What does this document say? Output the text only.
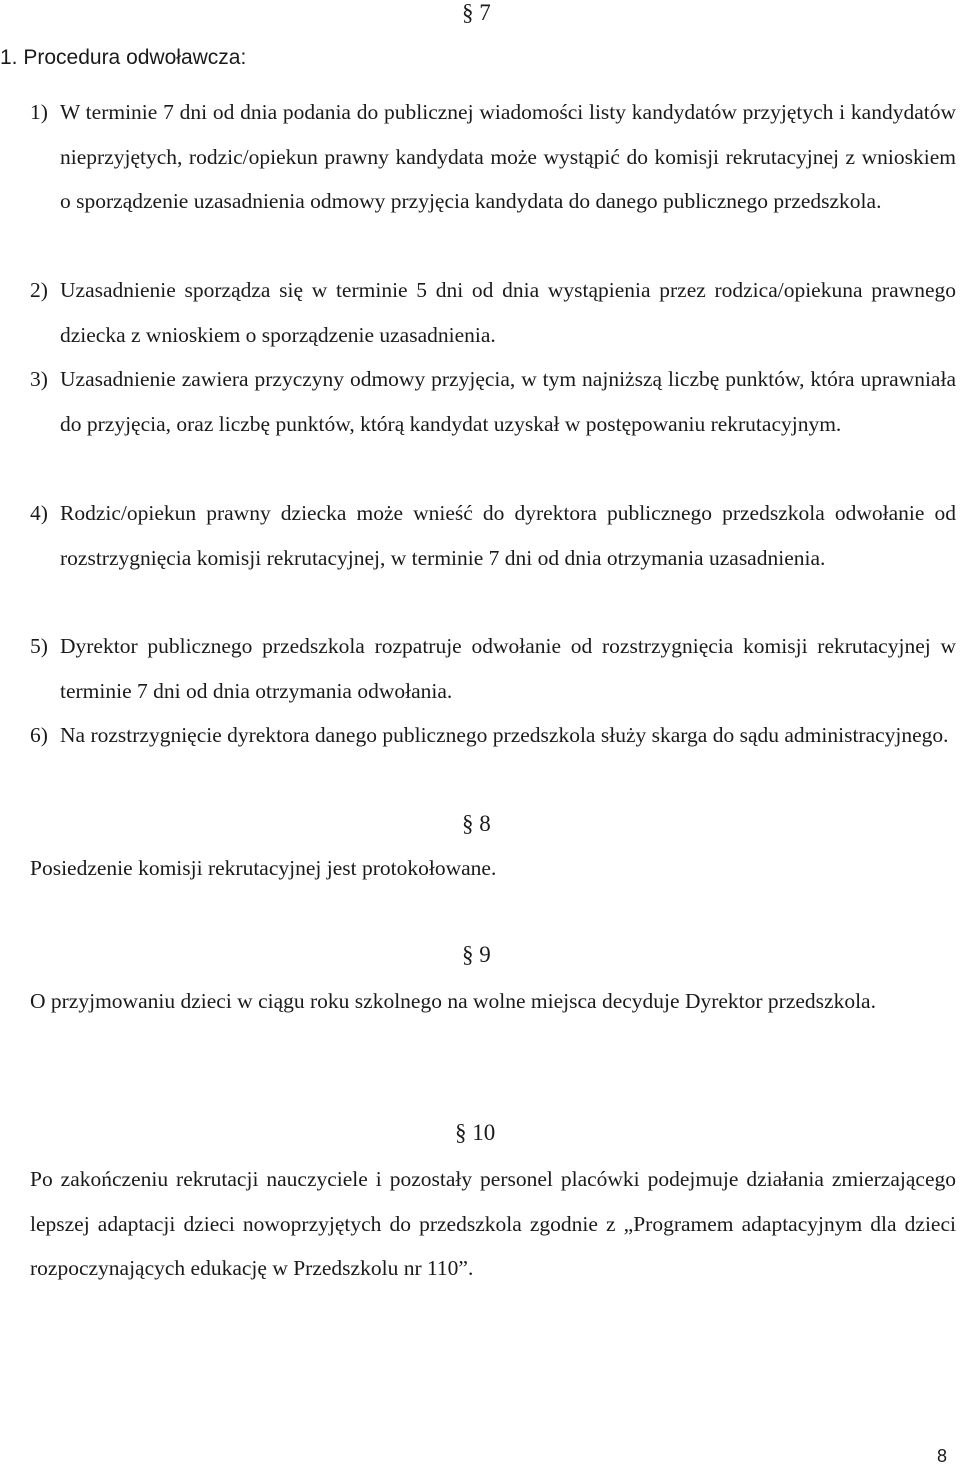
§ 7
1. Procedura odwoławcza:
1) W terminie 7 dni od dnia podania do publicznej wiadomości listy kandydatów przyjętych i kandydatów nieprzyjętych, rodzic/opiekun prawny kandydata może wystąpić do komisji rekrutacyjnej z wnioskiem o sporządzenie uzasadnienia odmowy przyjęcia kandydata do danego publicznego przedszkola.
2) Uzasadnienie sporządza się w terminie 5 dni od dnia wystąpienia przez rodzica/opiekuna prawnego dziecka z wnioskiem o sporządzenie uzasadnienia.
3) Uzasadnienie zawiera przyczyny odmowy przyjęcia, w tym najniższą liczbę punktów, która uprawniała do przyjęcia, oraz liczbę punktów, którą kandydat uzyskał w postępowaniu rekrutacyjnym.
4) Rodzic/opiekun prawny dziecka może wnieść do dyrektora publicznego przedszkola odwołanie od rozstrzygnięcia komisji rekrutacyjnej, w terminie 7 dni od dnia otrzymania uzasadnienia.
5) Dyrektor publicznego przedszkola rozpatruje odwołanie od rozstrzygnięcia komisji rekrutacyjnej w terminie 7 dni od dnia otrzymania odwołania.
6) Na rozstrzygnięcie dyrektora danego publicznego przedszkola służy skarga do sądu administracyjnego.
§ 8
Posiedzenie komisji rekrutacyjnej jest protokołowane.
§ 9
O przyjmowaniu dzieci w ciągu roku szkolnego na wolne miejsca decyduje Dyrektor przedszkola.
§ 10
Po zakończeniu rekrutacji nauczyciele i pozostały personel placówki podejmuje działania zmierzającego lepszej adaptacji dzieci nowoprzyjętych do przedszkola zgodnie z „Programem adaptacyjnym dla dzieci rozpoczynających edukację w Przedszkolu nr 110”.
8
